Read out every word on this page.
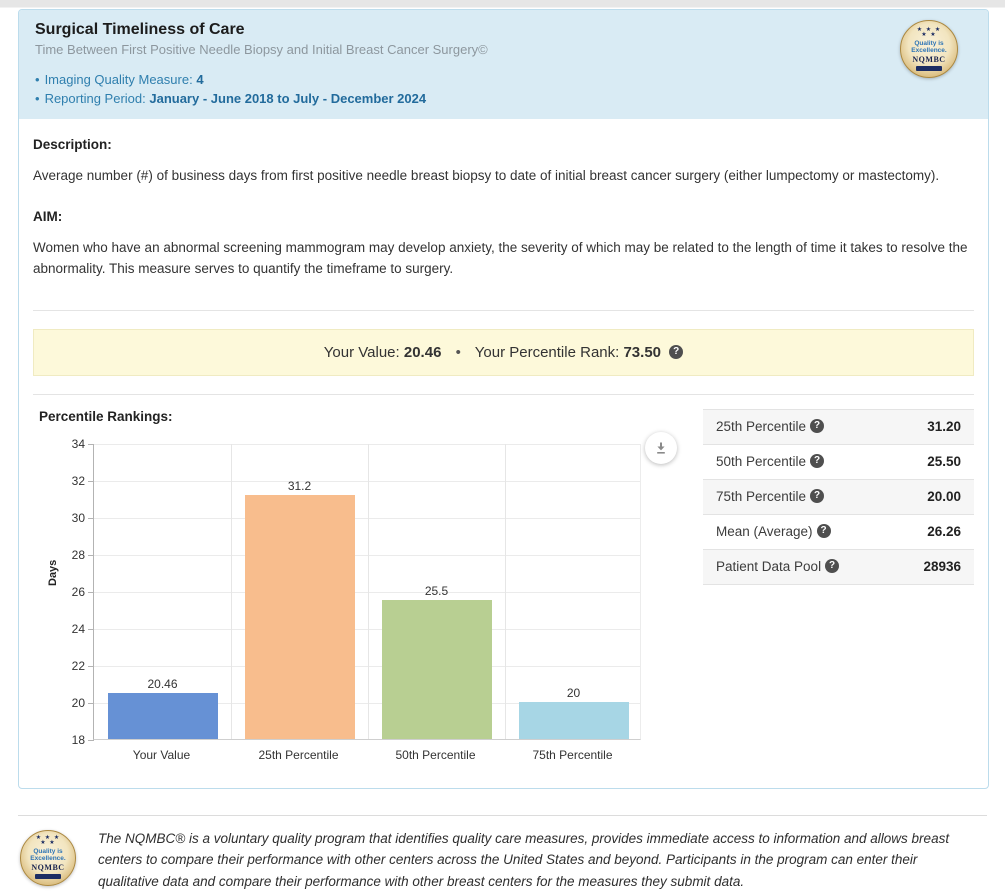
Surgical Timeliness of Care
Time Between First Positive Needle Biopsy and Initial Breast Cancer Surgery©
• Imaging Quality Measure: 4
• Reporting Period: January - June 2018 to July - December 2024
★ ★ ★
★ ★
Quality is
Excellence.
NQMBC
Description:
Average number (#) of business days from first positive needle breast biopsy to date of initial breast cancer surgery (either lumpectomy or mastectomy).
AIM:
Women who have an abnormal screening mammogram may develop anxiety, the severity of which may be related to the length of time it takes to resolve the abnormality. This measure serves to quantify the timeframe to surgery.
Your Value: 20.46 • Your Percentile Rank: 73.50 ?
Percentile Rankings:
Days
18
20
22
24
26
28
30
32
34
20.46
31.2
25.5
20
Your Value	25th Percentile	50th Percentile	75th Percentile
25th Percentile ?	31.20
50th Percentile ?	25.50
75th Percentile ?	20.00
Mean (Average) ?	26.26
Patient Data Pool ?	28936
★ ★ ★
★ ★
Quality is
Excellence.
NQMBC
The NQMBC® is a voluntary quality program that identifies quality care measures, provides immediate access to information and allows breast centers to compare their performance with other centers across the United States and beyond. Participants in the program can enter their qualitative data and compare their performance with other breast centers for the measures they submit data.
